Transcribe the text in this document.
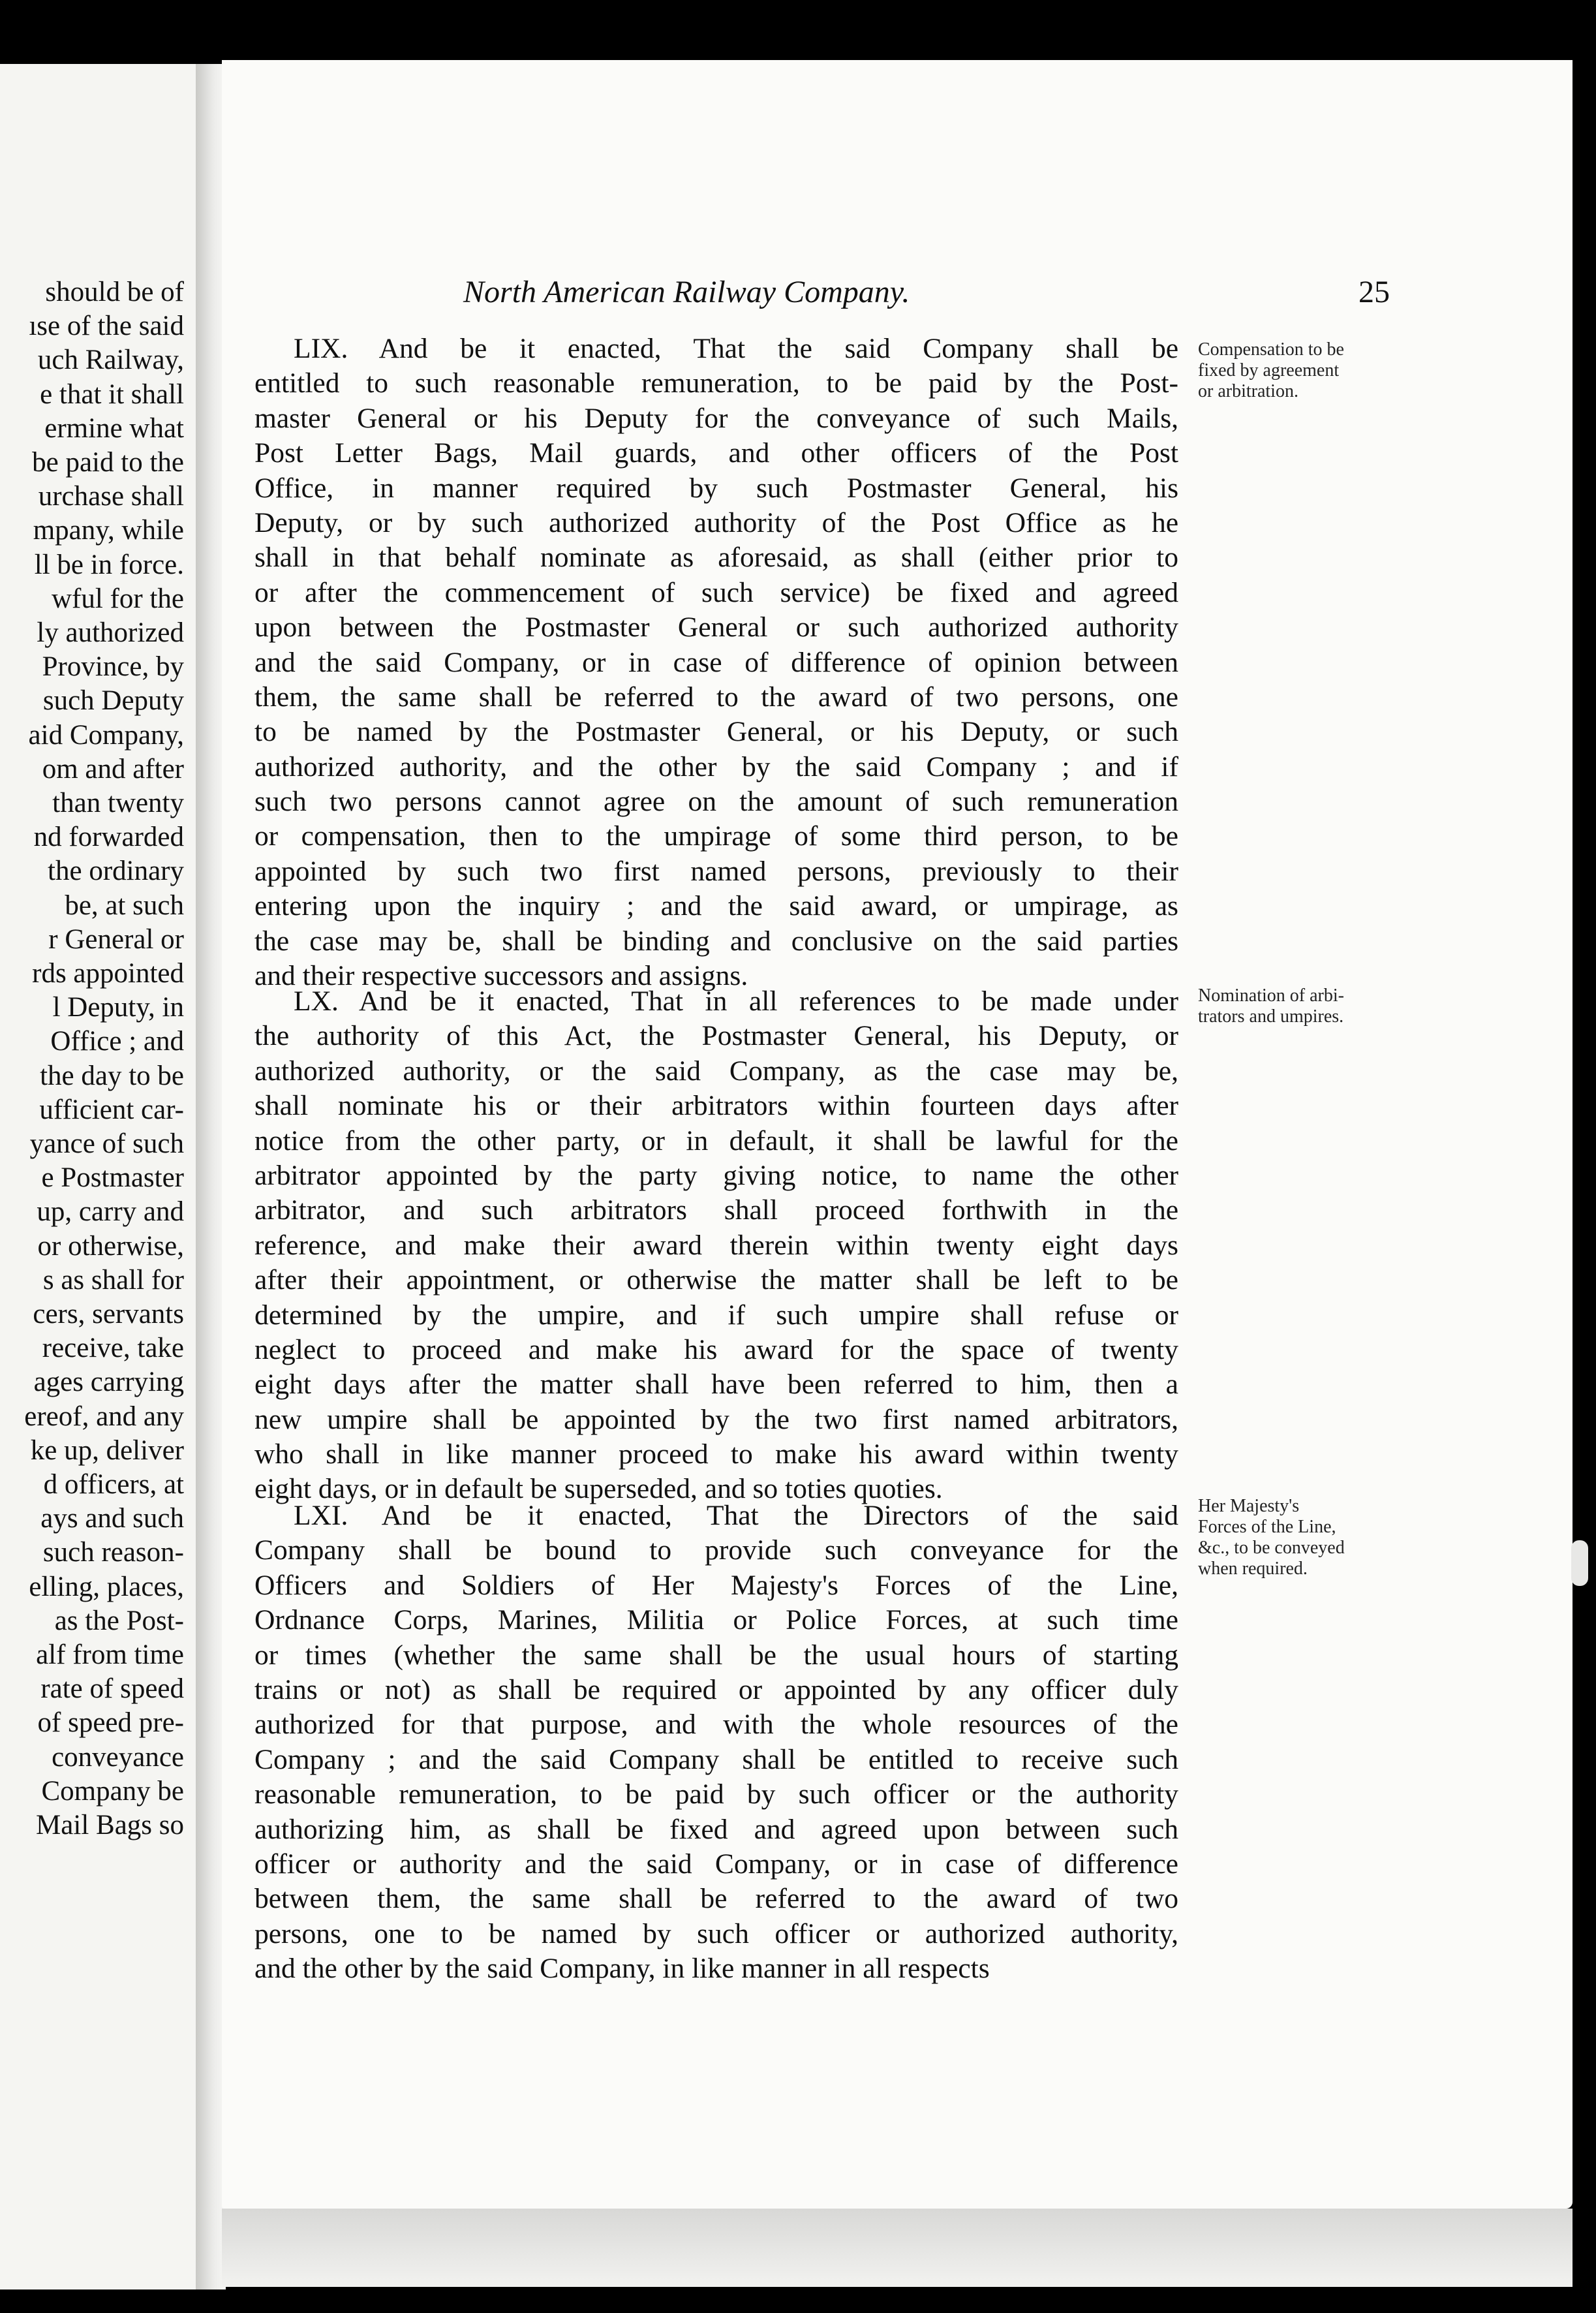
should be of
ıse of the said
uch Railway,
e that it shall
ermine what
be paid to the
urchase shall
mpany, while
ll be in force.
wful for the
ly authorized
Province, by
such Deputy
aid Company,
om and after
than twenty
nd forwarded
the ordinary
be, at such
r General or
rds appointed
l Deputy, in
Office ; and
the day to be
ufficient car-
yance of such
e Postmaster
up, carry and
or otherwise,
s as shall for
cers, servants
receive, take
ages carrying
ereof, and any
ke up, deliver
d officers, at
ays and such
such reason-
elling, places,
as the Post-
alf from time
rate of speed
of speed pre-
conveyance
Company be
Mail Bags so
North American Railway Company.	25
LIX. And be it enacted, That the said Company shall be
entitled to such reasonable remuneration, to be paid by the Post-
master General or his Deputy for the conveyance of such Mails,
Post Letter Bags, Mail guards, and other officers of the Post
Office, in manner required by such Postmaster General, his
Deputy, or by such authorized authority of the Post Office as he
shall in that behalf nominate as aforesaid, as shall (either prior to
or after the commencement of such service) be fixed and agreed
upon between the Postmaster General or such authorized authority
and the said Company, or in case of difference of opinion between
them, the same shall be referred to the award of two persons, one
to be named by the Postmaster General, or his Deputy, or such
authorized authority, and the other by the said Company ; and if
such two persons cannot agree on the amount of such remuneration
or compensation, then to the umpirage of some third person, to be
appointed by such two first named persons, previously to their
entering upon the inquiry ; and the said award, or umpirage, as
the case may be, shall be binding and conclusive on the said parties
and their respective successors and assigns.
Compensation to be
fixed by agreement
or arbitration.
LX. And be it enacted, That in all references to be made under
the authority of this Act, the Postmaster General, his Deputy, or
authorized authority, or the said Company, as the case may be,
shall nominate his or their arbitrators within fourteen days after
notice from the other party, or in default, it shall be lawful for the
arbitrator appointed by the party giving notice, to name the other
arbitrator, and such arbitrators shall proceed forthwith in the
reference, and make their award therein within twenty eight days
after their appointment, or otherwise the matter shall be left to be
determined by the umpire, and if such umpire shall refuse or
neglect to proceed and make his award for the space of twenty
eight days after the matter shall have been referred to him, then a
new umpire shall be appointed by the two first named arbitrators,
who shall in like manner proceed to make his award within twenty
eight days, or in default be superseded, and so toties quoties.
Nomination of arbi-
trators and umpires.
LXI. And be it enacted, That the Directors of the said
Company shall be bound to provide such conveyance for the
Officers and Soldiers of Her Majesty's Forces of the Line,
Ordnance Corps, Marines, Militia or Police Forces, at such time
or times (whether the same shall be the usual hours of starting
trains or not) as shall be required or appointed by any officer duly
authorized for that purpose, and with the whole resources of the
Company ; and the said Company shall be entitled to receive such
reasonable remuneration, to be paid by such officer or the authority
authorizing him, as shall be fixed and agreed upon between such
officer or authority and the said Company, or in case of difference
between them, the same shall be referred to the award of two
persons, one to be named by such officer or authorized authority,
and the other by the said Company, in like manner in all respects
Her Majesty's
Forces of the Line,
&c., to be conveyed
when required.
